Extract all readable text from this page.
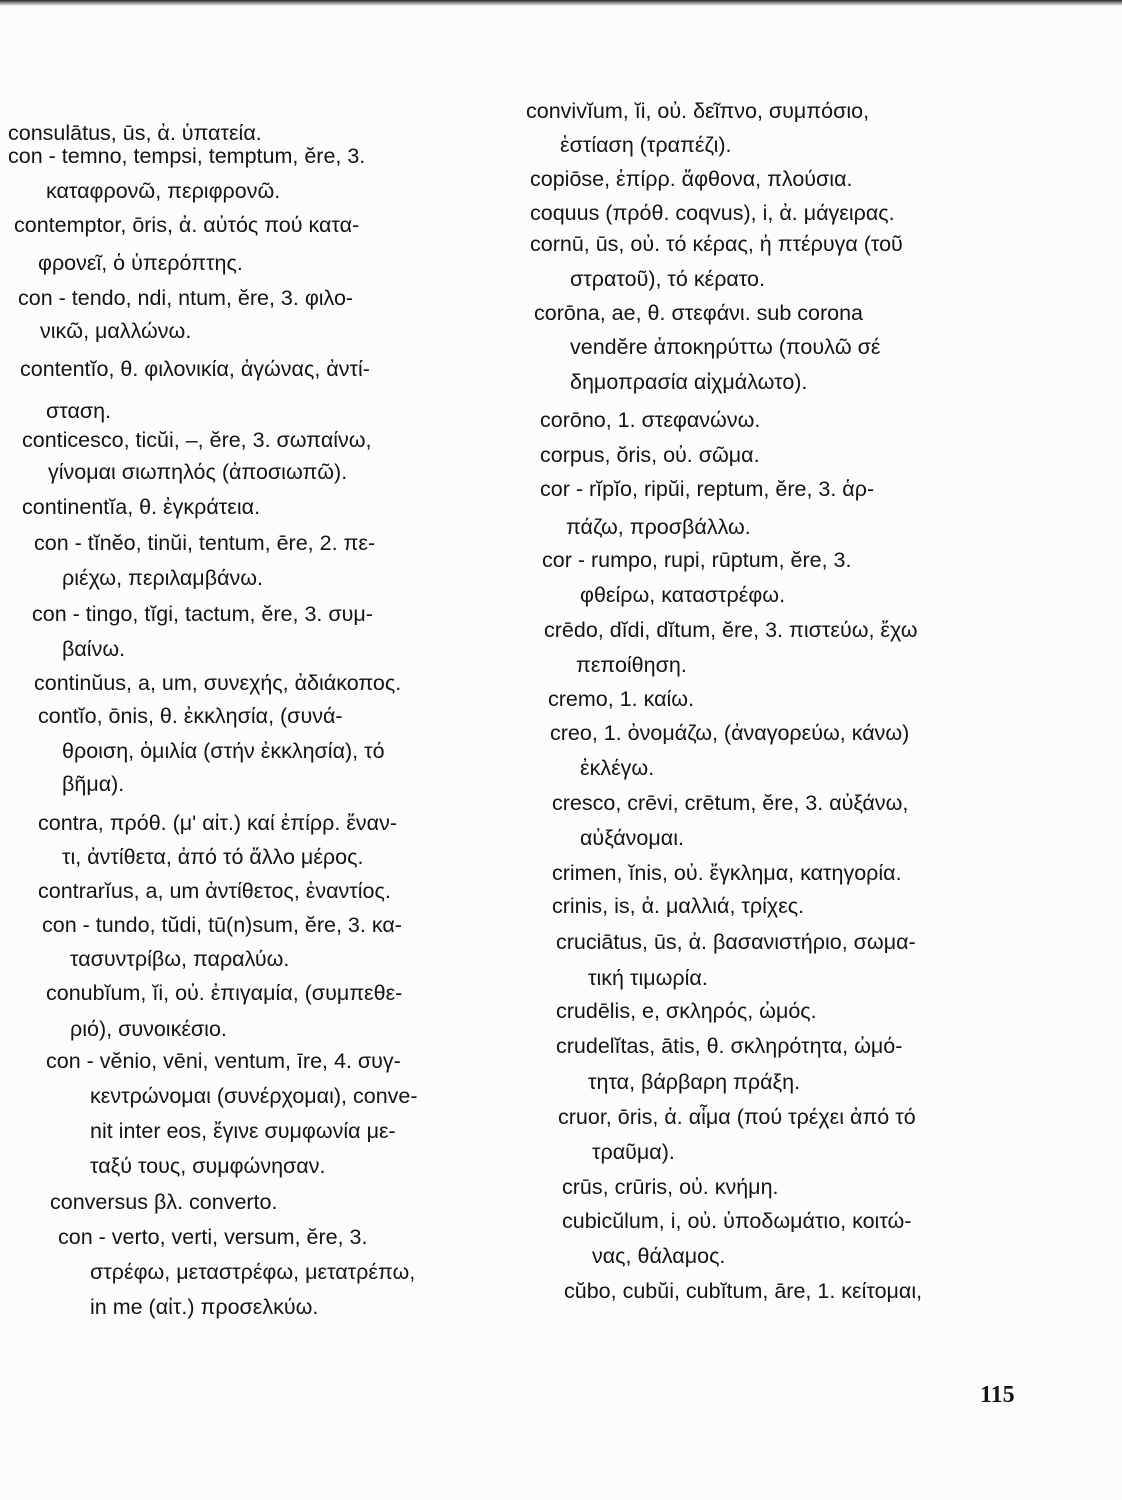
consulātus, ūs, ἀ. ὑπατεία.
con - temno, tempsi, temptum, ĕre, 3.
καταφρονῶ, περιφρονῶ.
contemptor, ōris, ἀ. αὐτός πού κατα-
φρονεῖ, ὁ ὑπερόπτης.
con - tendo, ndi, ntum, ĕre, 3. φιλο-
νικῶ, μαλλώνω.
contentĭo, θ. φιλονικία, ἀγώνας, ἀντί-
σταση.
conticesco, ticŭi, –, ĕre, 3. σωπαίνω,
γίνομαι σιωπηλός (ἀποσιωπῶ).
continentĭa, θ. ἐγκράτεια.
con - tĭnĕo, tinŭi, tentum, ēre, 2. πε-
ριέχω, περιλαμβάνω.
con - tingo, tĭgi, tactum, ĕre, 3. συμ-
βαίνω.
continŭus, a, um, συνεχής, ἀδιάκοπος.
contĭo, ōnis, θ. ἐκκλησία, (συνά-
θροιση, ὁμιλία (στήν ἐκκλησία), τό
βῆμα).
contra, πρόθ. (μ' αἰτ.) καί ἐπίρρ. ἔναν-
τι, ἀντίθετα, ἀπό τό ἄλλο μέρος.
contrarĭus, a, um ἀντίθετος, ἐναντίος.
con - tundo, tŭdi, tū(n)sum, ĕre, 3. κα-
τασυντρίβω, παραλύω.
conubĭum, ĭi, οὐ. ἐπιγαμία, (συμπεθε-
ριό), συνοικέσιο.
con - vĕnio, vēni, ventum, īre, 4. συγ-
κεντρώνομαι (συνέρχομαι), conve-
nit inter eos, ἔγινε συμφωνία με-
ταξύ τους, συμφώνησαν.
conversus βλ. converto.
con - verto, verti, versum, ĕre, 3.
στρέφω, μεταστρέφω, μετατρέπω,
in me (αἰτ.) προσελκύω.
convivĭum, ĭi, οὐ. δεῖπνο, συμπόσιο,
ἑστίαση (τραπέζι).
copiōse, ἐπίρρ. ἄφθονα, πλούσια.
coquus (πρόθ. coqvus), i, ἀ. μάγειρας.
cornū, ūs, οὐ. τό κέρας, ἡ πτέρυγα (τοῦ
στρατοῦ), τό κέρατο.
corōna, ae, θ. στεφάνι. sub corona
vendĕre ἀποκηρύττω (πουλῶ σέ
δημοπρασία αἰχμάλωτο).
corōno, 1. στεφανώνω.
corpus, ŏris, οὐ. σῶμα.
cor - rĭpĭo, ripŭi, reptum, ĕre, 3. ἁρ-
πάζω, προσβάλλω.
cor - rumpo, rupi, rūptum, ĕre, 3.
φθείρω, καταστρέφω.
crēdo, dĭdi, dĭtum, ĕre, 3. πιστεύω, ἔχω
πεποίθηση.
cremo, 1. καίω.
creo, 1. ὀνομάζω, (ἀναγορεύω, κάνω)
ἐκλέγω.
cresco, crēvi, crētum, ĕre, 3. αὐξάνω,
αὐξάνομαι.
crimen, ĭnis, οὐ. ἔγκλημα, κατηγορία.
crinis, is, ἀ. μαλλιά, τρίχες.
cruciātus, ūs, ἀ. βασανιστήριο, σωμα-
τική τιμωρία.
crudēlis, e, σκληρός, ὠμός.
crudelĭtas, ātis, θ. σκληρότητα, ὠμό-
τητα, βάρβαρη πράξη.
cruor, ōris, ἀ. αἷμα (πού τρέχει ἀπό τό
τραῦμα).
crūs, crūris, οὐ. κνήμη.
cubicŭlum, i, οὐ. ὑποδωμάτιο, κοιτώ-
νας, θάλαμος.
cŭbo, cubŭi, cubĭtum, āre, 1. κείτομαι,
115
